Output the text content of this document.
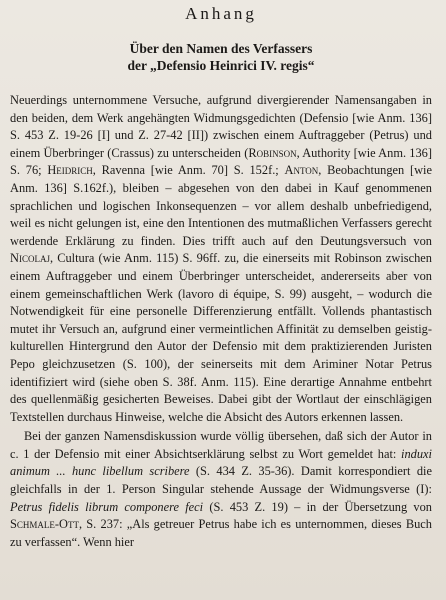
Anhang
Über den Namen des Verfassers
der „Defensio Heinrici IV. regis“

Neuerdings unternommene Versuche, aufgrund divergierender Namensangaben in den beiden, dem Werk angehängten Widmungsgedichten (Defensio [wie Anm. 136] S. 453 Z. 19-26 [I] und Z. 27-42 [II]) zwischen einem Auftraggeber (Petrus) und einem Überbringer (Crassus) zu unterscheiden (Robinson, Authority [wie Anm. 136] S. 76; Heidrich, Ravenna [wie Anm. 70] S. 152f.; Anton, Beobachtungen [wie Anm. 136] S.162f.), bleiben – abgesehen von den dabei in Kauf genommenen sprachlichen und logischen Inkonsequenzen – vor allem deshalb unbefriedigend, weil es nicht gelungen ist, eine den Intentionen des mutmaßlichen Verfassers gerecht werdende Erklärung zu finden. Dies trifft auch auf den Deutungsversuch von Nicolaj, Cultura (wie Anm. 115) S. 96ff. zu, die einerseits mit Robinson zwischen einem Auftraggeber und einem Überbringer unterscheidet, andererseits aber von einem gemeinschaftlichen Werk (lavoro di équipe, S. 99) ausgeht, – wodurch die Notwendigkeit für eine personelle Differenzierung entfällt. Vollends phantastisch mutet ihr Versuch an, aufgrund einer vermeintlichen Affinität zu demselben geistig-kulturellen Hintergrund den Autor der Defensio mit dem praktizierenden Juristen Pepo gleichzusetzen (S. 100), der seinerseits mit dem Ariminer Notar Petrus identifiziert wird (siehe oben S. 38f. Anm. 115). Eine derartige Annahme entbehrt des quellenmäßig gesicherten Beweises. Dabei gibt der Wortlaut der einschlägigen Textstellen durchaus Hinweise, welche die Absicht des Autors erkennen lassen.

Bei der ganzen Namensdiskussion wurde völlig übersehen, daß sich der Autor in c. 1 der Defensio mit einer Absichtserklärung selbst zu Wort gemeldet hat: induxi animum ... hunc libellum scribere (S. 434 Z. 35-36). Damit korrespondiert die gleichfalls in der 1. Person Singular stehende Aussage der Widmungsverse (I): Petrus fidelis librum componere feci (S. 453 Z. 19) – in der Übersetzung von Schmale-Ott, S. 237: „Als getreuer Petrus habe ich es unternommen, dieses Buch zu verfassen“. Wenn hier
